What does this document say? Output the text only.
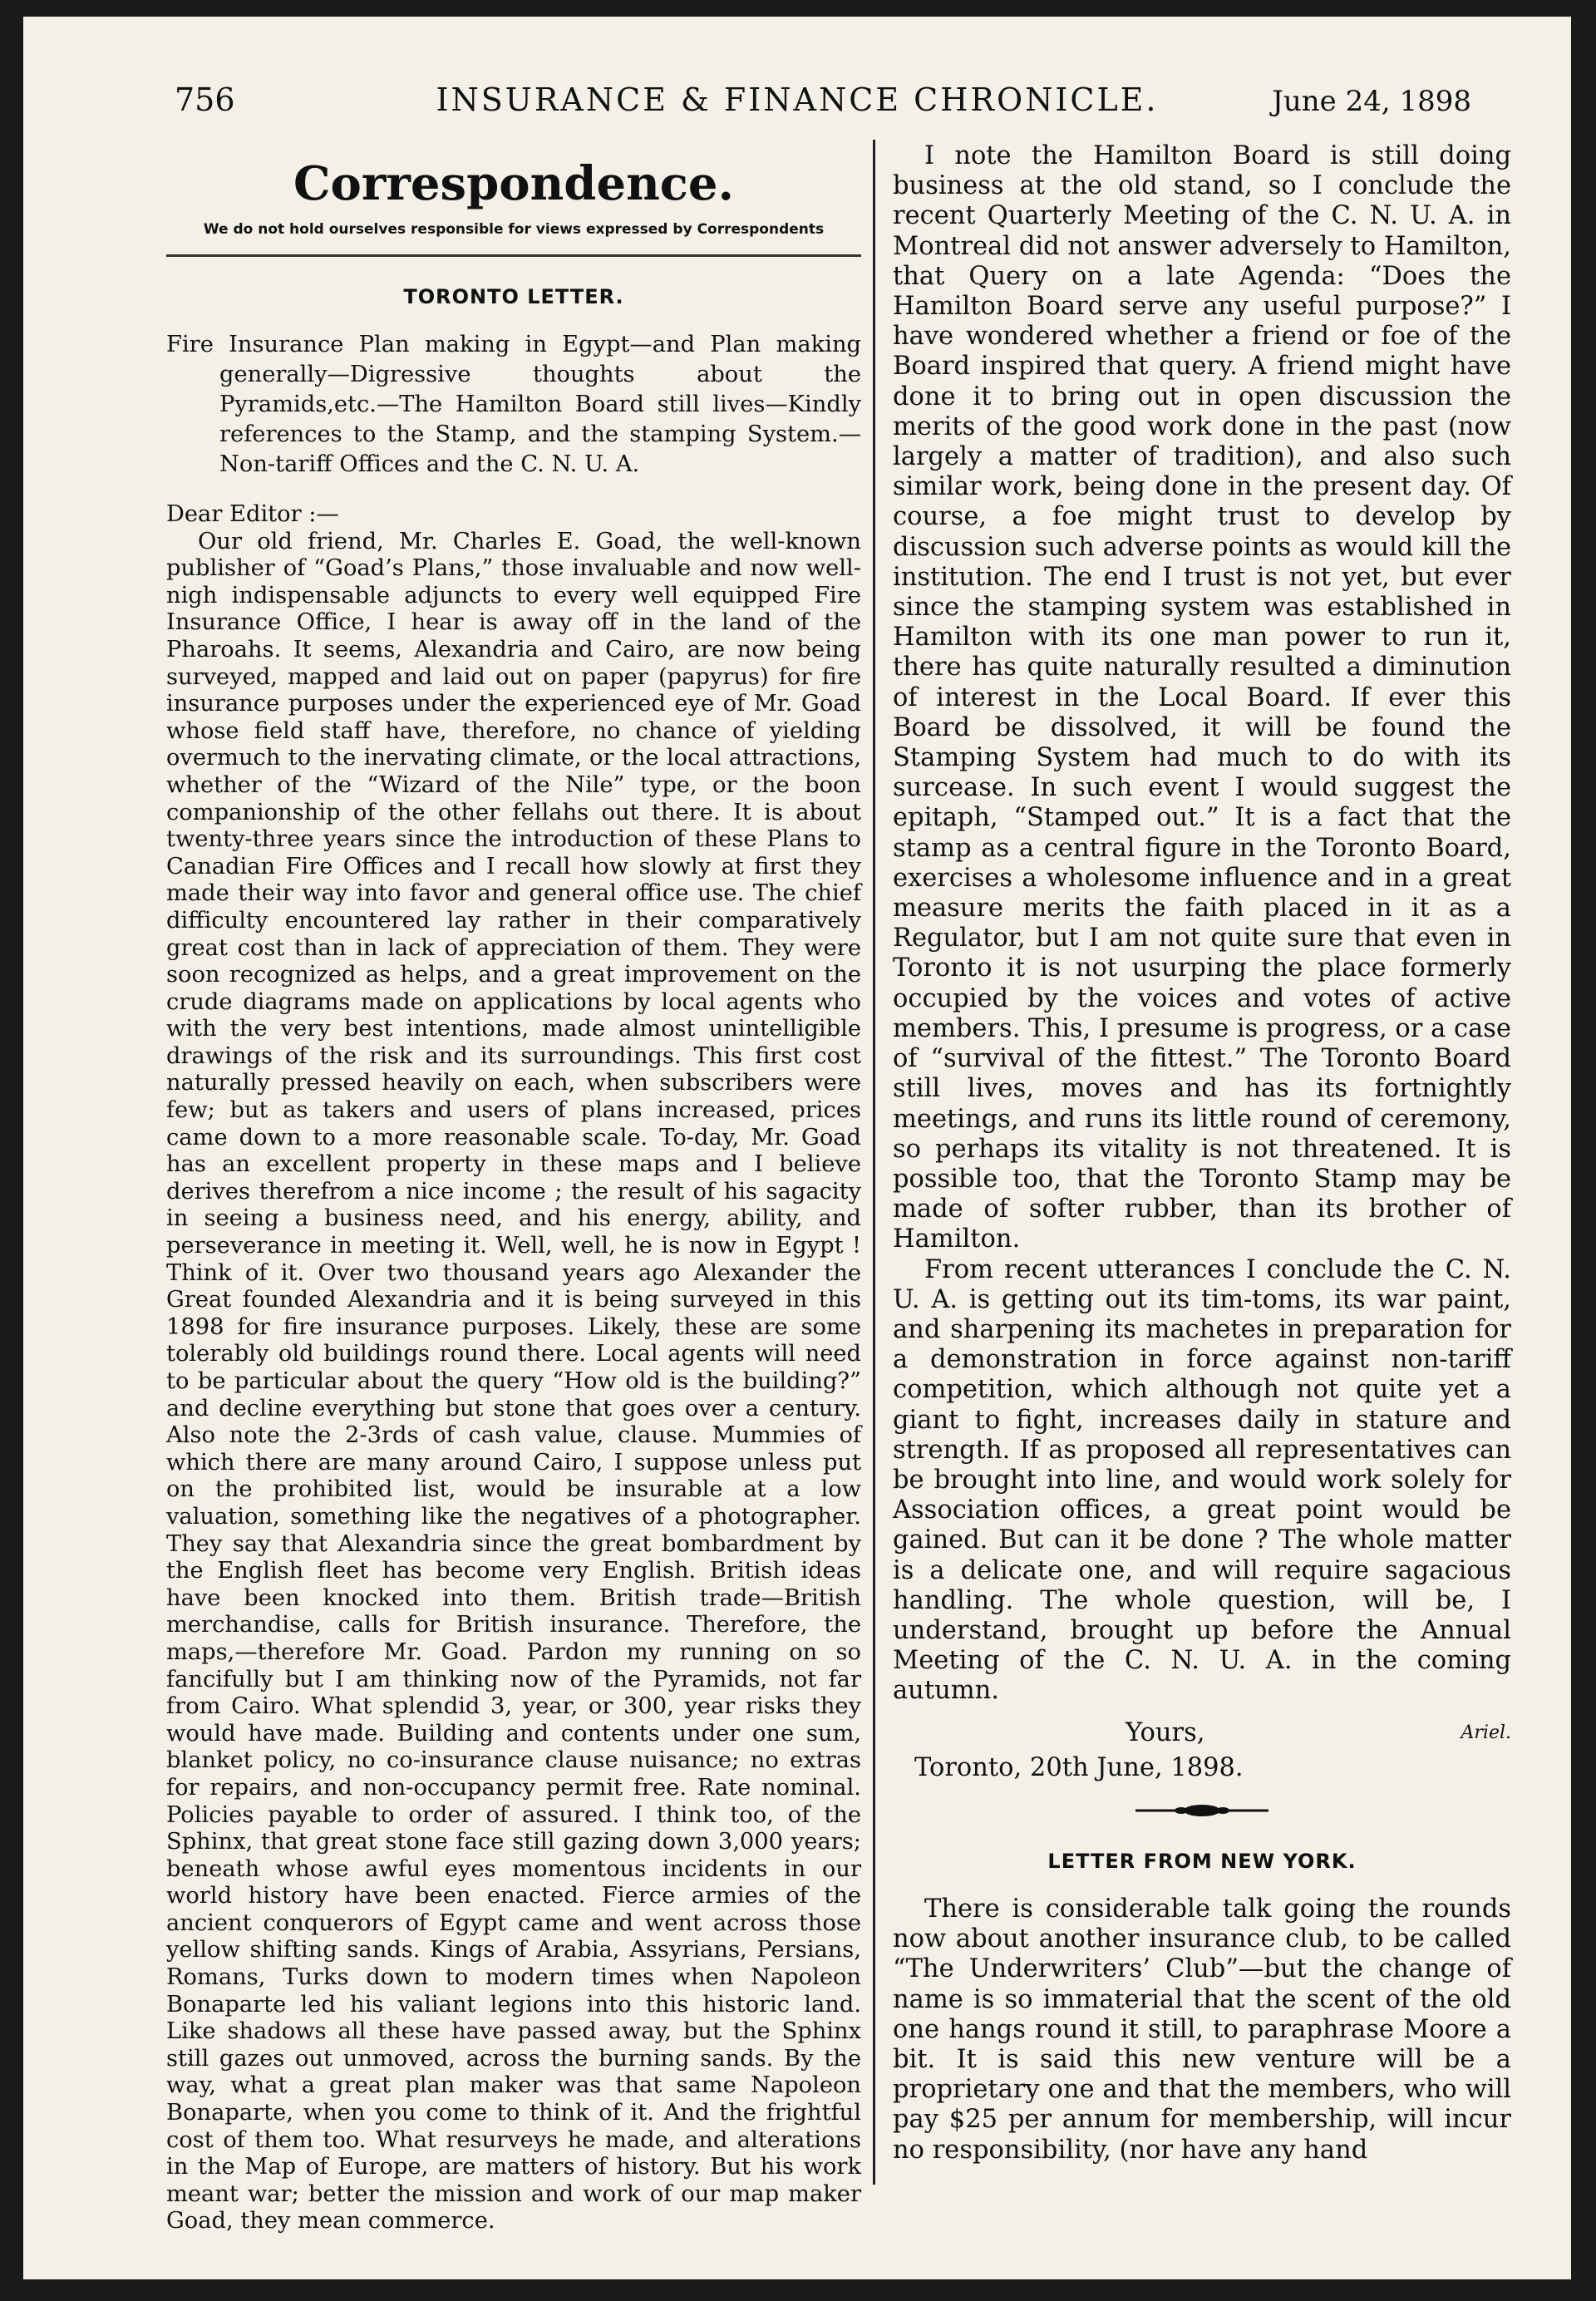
756	INSURANCE & FINANCE CHRONICLE.	June 24, 1898
Correspondence.
We do not hold ourselves responsible for views expressed by Correspondents
TORONTO LETTER.
Fire Insurance Plan making in Egypt—and Plan making generally—Digressive thoughts about the Pyramids,etc.—The Hamilton Board still lives—Kindly references to the Stamp, and the stamping System.—Non-tariff Offices and the C. N. U. A.
Dear Editor :—

Our old friend, Mr. Charles E. Goad, the well-known publisher of “Goad’s Plans,” those invaluable and now well-nigh indispensable adjuncts to every well equipped Fire Insurance Office, I hear is away off in the land of the Pharoahs. It seems, Alexandria and Cairo, are now being surveyed, mapped and laid out on paper (papyrus) for fire insurance purposes under the experienced eye of Mr. Goad whose field staff have, therefore, no chance of yielding overmuch to the inervating climate, or the local attractions, whether of the “Wizard of the Nile” type, or the boon companionship of the other fellahs out there. It is about twenty-three years since the introduction of these Plans to Canadian Fire Offices and I recall how slowly at first they made their way into favor and general office use. The chief difficulty encountered lay rather in their comparatively great cost than in lack of appreciation of them. They were soon recognized as helps, and a great improvement on the crude diagrams made on applications by local agents who with the very best intentions, made almost unintelligible drawings of the risk and its surroundings. This first cost naturally pressed heavily on each, when subscribers were few; but as takers and users of plans increased, prices came down to a more reasonable scale. To-day, Mr. Goad has an excellent property in these maps and I believe derives therefrom a nice income ; the result of his sagacity in seeing a business need, and his energy, ability, and perseverance in meeting it. Well, well, he is now in Egypt ! Think of it. Over two thousand years ago Alexander the Great founded Alexandria and it is being surveyed in this 1898 for fire insurance purposes. Likely, these are some tolerably old buildings round there. Local agents will need to be particular about the query “How old is the building?” and decline everything but stone that goes over a century. Also note the 2-3rds of cash value, clause. Mummies of which there are many around Cairo, I suppose unless put on the prohibited list, would be insurable at a low valuation, something like the negatives of a photographer. They say that Alexandria since the great bombardment by the English fleet has become very English. British ideas have been knocked into them. British trade—British merchandise, calls for British insurance. Therefore, the maps,—therefore Mr. Goad. Pardon my running on so fancifully but I am thinking now of the Pyramids, not far from Cairo. What splendid 3, year, or 300, year risks they would have made. Building and contents under one sum, blanket policy, no co-insurance clause nuisance; no extras for repairs, and non-occupancy permit free. Rate nominal. Policies payable to order of assured. I think too, of the Sphinx, that great stone face still gazing down 3,000 years; beneath whose awful eyes momentous incidents in our world history have been enacted. Fierce armies of the ancient conquerors of Egypt came and went across those yellow shifting sands. Kings of Arabia, Assyrians, Persians, Romans, Turks down to modern times when Napoleon Bonaparte led his valiant legions into this historic land. Like shadows all these have passed away, but the Sphinx still gazes out unmoved, across the burning sands. By the way, what a great plan maker was that same Napoleon Bonaparte, when you come to think of it. And the frightful cost of them too. What resurveys he made, and alterations in the Map of Europe, are matters of history. But his work meant war; better the mission and work of our map maker Goad, they mean commerce.

I note the Hamilton Board is still doing business at the old stand, so I conclude the recent Quarterly Meeting of the C. N. U. A. in Montreal did not answer adversely to Hamilton, that Query on a late Agenda: “Does the Hamilton Board serve any useful purpose?” I have wondered whether a friend or foe of the Board inspired that query. A friend might have done it to bring out in open discussion the merits of the good work done in the past (now largely a matter of tradition), and also such similar work, being done in the present day. Of course, a foe might trust to develop by discussion such adverse points as would kill the institution. The end I trust is not yet, but ever since the stamping system was established in Hamilton with its one man power to run it, there has quite naturally resulted a diminution of interest in the Local Board. If ever this Board be dissolved, it will be found the Stamping System had much to do with its surcease. In such event I would suggest the epitaph, “Stamped out.” It is a fact that the stamp as a central figure in the Toronto Board, exercises a wholesome influence and in a great measure merits the faith placed in it as a Regulator, but I am not quite sure that even in Toronto it is not usurping the place formerly occupied by the voices and votes of active members. This, I presume is progress, or a case of “survival of the fittest.” The Toronto Board still lives, moves and has its fortnightly meetings, and runs its little round of ceremony, so perhaps its vitality is not threatened. It is possible too, that the Toronto Stamp may be made of softer rubber, than its brother of Hamilton.

From recent utterances I conclude the C. N. U. A. is getting out its tim-toms, its war paint, and sharpening its machetes in preparation for a demonstration in force against non-tariff competition, which although not quite yet a giant to fight, increases daily in stature and strength. If as proposed all representatives can be brought into line, and would work solely for Association offices, a great point would be gained. But can it be done ? The whole matter is a delicate one, and will require sagacious handling. The whole question, will be, I understand, brought up before the Annual Meeting of the C. N. U. A. in the coming autumn.

Yours,	Ariel.
Toronto, 20th June, 1898.
LETTER FROM NEW YORK.

There is considerable talk going the rounds now about another insurance club, to be called “The Underwriters’ Club”—but the change of name is so immaterial that the scent of the old one hangs round it still, to paraphrase Moore a bit. It is said this new venture will be a proprietary one and that the members, who will pay $25 per annum for membership, will incur no responsibility, (nor have any hand
